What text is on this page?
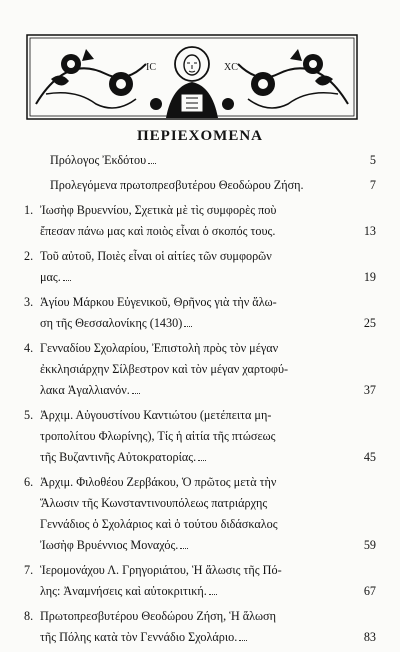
IC	XC
ΠΕΡΙΕΧΟΜΕΝΑ
Πρόλογος Ἐκδότου	5
Προλεγόμενα πρωτοπρεσβυτέρου Θεοδώρου Ζήση.	7
1. Ἰωσὴφ Βρυεννίου, Σχετικὰ μὲ τὶς συμφορὲς ποὺ
ἔπεσαν πάνω μας καὶ ποιὸς εἶναι ὁ σκοπός τους.	13
2. Τοῦ αὐτοῦ, Ποιὲς εἶναι οἱ αἰτίες τῶν συμφορῶν
μας.	19
3. Ἁγίου Μάρκου Εὐγενικοῦ, Θρῆνος γιὰ τὴν ἅλω-
ση τῆς Θεσσαλονίκης (1430)	25
4. Γενναδίου Σχολαρίου, Ἐπιστολὴ πρὸς τὸν μέγαν
ἐκκλησιάρχην Σίλβεστρον καὶ τὸν μέγαν χαρτοφύ-
λακα Ἀγαλλιανόν.	37
5. Ἀρχιμ. Αὐγουστίνου Καντιώτου (μετέπειτα μη-
τροπολίτου Φλωρίνης), Τίς ἡ αἰτία τῆς πτώσεως
τῆς Βυζαντινῆς Αὐτοκρατορίας.	45
6. Ἀρχιμ. Φιλοθέου Ζερβάκου, Ὁ πρῶτος μετὰ τὴν
Ἅλωσιν τῆς Κωνσταντινουπόλεως πατριάρχης
Γεννάδιος ὁ Σχολάριος καὶ ὁ τούτου διδάσκαλος
Ἰωσὴφ Βρυέννιος Μοναχός.	59
7. Ἱερομονάχου Λ. Γρηγοριάτου, Ἡ ἅλωσις τῆς Πό-
λης: Ἀναμνήσεις καὶ αὐτοκριτική.	67
8. Πρωτοπρεσβυτέρου Θεοδώρου Ζήση, Ἡ ἅλωση
τῆς Πόλης κατὰ τὸν Γεννάδιο Σχολάριο.	83
